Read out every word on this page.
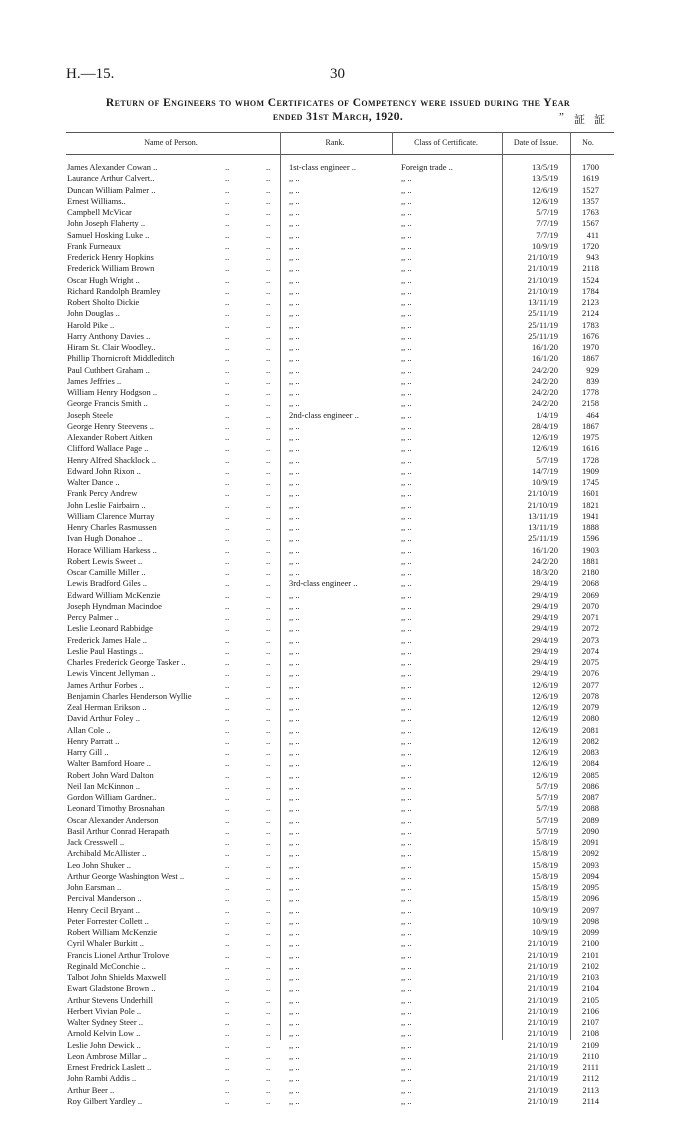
H.—15.	30
Return of Engineers to whom Certificates of Competency were issued during the Year
ended 31st March, 1920.	” 証 証
Name of Person.	Rank.	Class of Certificate.	Date of Issue.	No.
James Alexander Cowan ..	..	.. 1st-class engineer ..	Foreign trade ..	13/5/19	1700
Laurance Arthur Calvert..	..	.. ,, ..	,, ..	13/5/19	1619
Duncan William Palmer ..	..	.. ,, ..	,, ..	12/6/19	1527
Ernest Williams..	..	.. ,, ..	,, ..	12/6/19	1357
Campbell McVicar	..	.. ,, ..	,, ..	5/7/19	1763
John Joseph Flaherty ..	..	.. ,, ..	,, ..	7/7/19	1567
Samuel Hosking Luke ..	..	.. ,, ..	,, ..	7/7/19	411
Frank Furneaux	..	.. ,, ..	,, ..	10/9/19	1720
Frederick Henry Hopkins	..	.. ,, ..	,, ..	21/10/19	943
Frederick William Brown	..	.. ,, ..	,, ..	21/10/19	2118
Oscar Hugh Wright ..	..	.. ,, ..	,, ..	21/10/19	1524
Richard Randolph Bramley	..	.. ,, ..	,, ..	21/10/19	1784
Robert Sholto Dickie	..	.. ,, ..	,, ..	13/11/19	2123
John Douglas ..	..	.. ,, ..	,, ..	25/11/19	2124
Harold Pike ..	..	.. ,, ..	,, ..	25/11/19	1783
Harry Anthony Davies ..	..	.. ,, ..	,, ..	25/11/19	1676
Hiram St. Clair Woodley..	..	.. ,, ..	,, ..	16/1/20	1970
Phillip Thornicroft Middleditch	..	.. ,, ..	,, ..	16/1/20	1867
Paul Cuthbert Graham ..	..	.. ,, ..	,, ..	24/2/20	929
James Jeffries ..	..	.. ,, ..	,, ..	24/2/20	839
William Henry Hodgson ..	..	.. ,, ..	,, ..	24/2/20	1778
George Francis Smith ..	..	.. ,, ..	,, ..	24/2/20	2158
Joseph Steele	..	.. 2nd-class engineer ..	,, ..	1/4/19	464
George Henry Steevens ..	..	.. ,, ..	,, ..	28/4/19	1867
Alexander Robert Aitken	..	.. ,, ..	,, ..	12/6/19	1975
Clifford Wallace Page ..	..	.. ,, ..	,, ..	12/6/19	1616
Henry Alfred Shacklock ..	..	.. ,, ..	,, ..	5/7/19	1728
Edward John Rixon ..	..	.. ,, ..	,, ..	14/7/19	1909
Walter Dance ..	..	.. ,, ..	,, ..	10/9/19	1745
Frank Percy Andrew	..	.. ,, ..	,, ..	21/10/19	1601
John Leslie Fairbairn ..	..	.. ,, ..	,, ..	21/10/19	1821
William Clarence Murray	..	.. ,, ..	,, ..	13/11/19	1941
Henry Charles Rasmussen	..	.. ,, ..	,, ..	13/11/19	1888
Ivan Hugh Donahoe ..	..	.. ,, ..	,, ..	25/11/19	1596
Horace William Harkess ..	..	.. ,, ..	,, ..	16/1/20	1903
Robert Lewis Sweet ..	..	.. ,, ..	,, ..	24/2/20	1881
Oscar Camille Miller ..	..	.. ,, ..	,, ..	18/3/20	2180
Lewis Bradford Giles ..	..	.. 3rd-class engineer ..	,, ..	29/4/19	2068
Edward William McKenzie	..	.. ,, ..	,, ..	29/4/19	2069
Joseph Hyndman Macindoe	..	.. ,, ..	,, ..	29/4/19	2070
Percy Palmer ..	..	.. ,, ..	,, ..	29/4/19	2071
Leslie Leonard Rabbidge	..	.. ,, ..	,, ..	29/4/19	2072
Frederick James Hale ..	..	.. ,, ..	,, ..	29/4/19	2073
Leslie Paul Hastings ..	..	.. ,, ..	,, ..	29/4/19	2074
Charles Frederick George Tasker ..	..	.. ,, ..	,, ..	29/4/19	2075
Lewis Vincent Jellyman ..	..	.. ,, ..	,, ..	29/4/19	2076
James Arthur Forbes ..	..	.. ,, ..	,, ..	12/6/19	2077
Benjamin Charles Henderson Wyllie	..	.. ,, ..	,, ..	12/6/19	2078
Zeal Herman Erikson ..	..	.. ,, ..	,, ..	12/6/19	2079
David Arthur Foley ..	..	.. ,, ..	,, ..	12/6/19	2080
Allan Cole ..	..	.. ,, ..	,, ..	12/6/19	2081
Henry Parratt ..	..	.. ,, ..	,, ..	12/6/19	2082
Harry Gill ..	..	.. ,, ..	,, ..	12/6/19	2083
Walter Bamford Hoare ..	..	.. ,, ..	,, ..	12/6/19	2084
Robert John Ward Dalton	..	.. ,, ..	,, ..	12/6/19	2085
Neil Ian McKinnon ..	..	.. ,, ..	,, ..	5/7/19	2086
Gordon William Gardner..	..	.. ,, ..	,, ..	5/7/19	2087
Leonard Timothy Brosnahan	..	.. ,, ..	,, ..	5/7/19	2088
Oscar Alexander Anderson	..	.. ,, ..	,, ..	5/7/19	2089
Basil Arthur Conrad Herapath	..	.. ,, ..	,, ..	5/7/19	2090
Jack Cresswell ..	..	.. ,, ..	,, ..	15/8/19	2091
Archibald McAllister ..	..	.. ,, ..	,, ..	15/8/19	2092
Leo John Shuker ..	..	.. ,, ..	,, ..	15/8/19	2093
Arthur George Washington West ..	..	.. ,, ..	,, ..	15/8/19	2094
John Earsman ..	..	.. ,, ..	,, ..	15/8/19	2095
Percival Manderson ..	..	.. ,, ..	,, ..	15/8/19	2096
Henry Cecil Bryant ..	..	.. ,, ..	,, ..	10/9/19	2097
Peter Forrester Collett ..	..	.. ,, ..	,, ..	10/9/19	2098
Robert William McKenzie	..	.. ,, ..	,, ..	10/9/19	2099
Cyril Whaler Burkitt ..	..	.. ,, ..	,, ..	21/10/19	2100
Francis Lionel Arthur Trolove	..	.. ,, ..	,, ..	21/10/19	2101
Reginald McConchie ..	..	.. ,, ..	,, ..	21/10/19	2102
Talbot John Shields Maxwell	..	.. ,, ..	,, ..	21/10/19	2103
Ewart Gladstone Brown ..	..	.. ,, ..	,, ..	21/10/19	2104
Arthur Stevens Underhill	..	.. ,, ..	,, ..	21/10/19	2105
Herbert Vivian Pole ..	..	.. ,, ..	,, ..	21/10/19	2106
Walter Sydney Steer ..	..	.. ,, ..	,, ..	21/10/19	2107
Arnold Kelvin Low ..	..	.. ,, ..	,, ..	21/10/19	2108
Leslie John Dewick ..	..	.. ,, ..	,, ..	21/10/19	2109
Leon Ambrose Millar ..	..	.. ,, ..	,, ..	21/10/19	2110
Ernest Fredrick Laslett ..	..	.. ,, ..	,, ..	21/10/19	2111
John Rambi Addis ..	..	.. ,, ..	,, ..	21/10/19	2112
Arthur Beer ..	..	.. ,, ..	,, ..	21/10/19	2113
Roy Gilbert Yardley ..	..	.. ,, ..	,, ..	21/10/19	2114
